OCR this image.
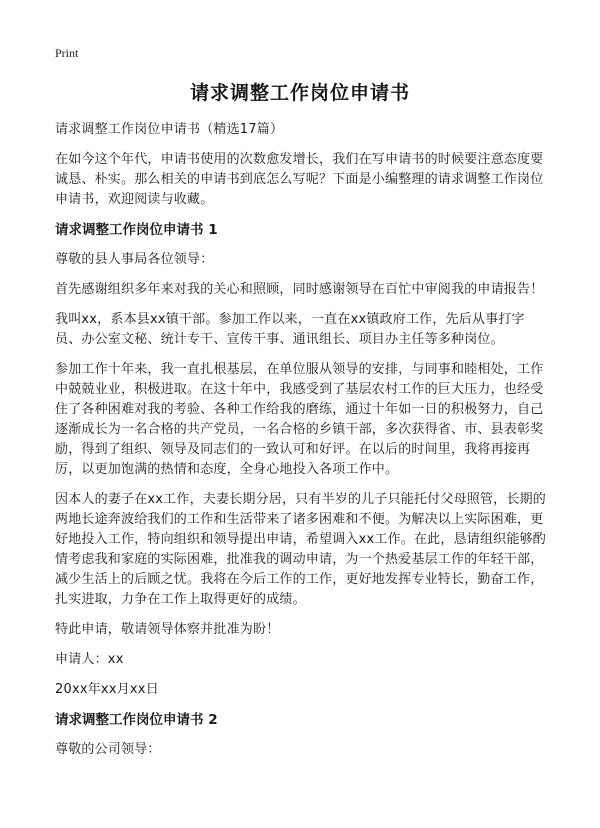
Print
请求调整工作岗位申请书

请求调整工作岗位申请书（精选17篇）

在如今这个年代，申请书使用的次数愈发增长，我们在写申请书的时候要注意态度要诚恳、朴实。那么相关的申请书到底怎么写呢？下面是小编整理的请求调整工作岗位申请书，欢迎阅读与收藏。

请求调整工作岗位申请书 1

尊敬的县人事局各位领导：

首先感谢组织多年来对我的关心和照顾，同时感谢领导在百忙中审阅我的申请报告！

我叫xx，系本县xx镇干部。参加工作以来，一直在xx镇政府工作，先后从事打字员、办公室文秘、统计专干、宣传干事、通讯组长、项目办主任等多种岗位。

参加工作十年来，我一直扎根基层，在单位服从领导的安排，与同事和睦相处，工作中兢兢业业，积极进取。在这十年中，我感受到了基层农村工作的巨大压力，也经受住了各种困难对我的考验、各种工作给我的磨练，通过十年如一日的积极努力，自己逐渐成长为一名合格的共产党员，一名合格的乡镇干部，多次获得省、市、县表彰奖励，得到了组织、领导及同志们的一致认可和好评。在以后的时间里，我将再接再厉，以更加饱满的热情和态度，全身心地投入各项工作中。

因本人的妻子在xx工作，夫妻长期分居，只有半岁的儿子只能托付父母照管，长期的两地长途奔波给我们的工作和生活带来了诸多困难和不便。为解决以上实际困难，更好地投入工作，特向组织和领导提出申请，希望调入xx工作。在此，恳请组织能够酌情考虑我和家庭的实际困难，批准我的调动申请，为一个热爱基层工作的年轻干部，减少生活上的后顾之忧。我将在今后工作的工作，更好地发挥专业特长，勤奋工作，扎实进取，力争在工作上取得更好的成绩。

特此申请，敬请领导体察并批准为盼！

申请人：xx

20xx年xx月xx日

请求调整工作岗位申请书 2

尊敬的公司领导：
